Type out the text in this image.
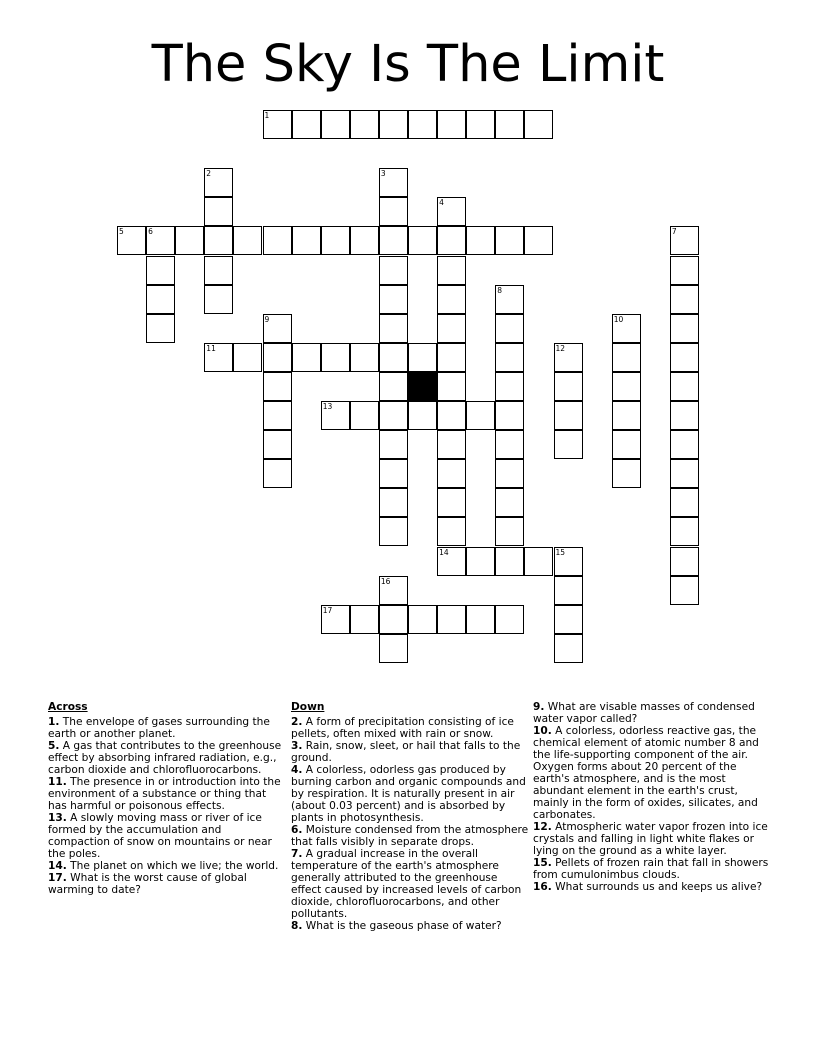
The Sky Is The Limit
1
2	3
4
5	6	7
8
9	10
11	12
13
14	15
16
17
Across
1. The envelope of gases surrounding the earth or another planet.
5. A gas that contributes to the greenhouse effect by absorbing infrared radiation, e.g., carbon dioxide and chlorofluorocarbons.
11. The presence in or introduction into the environment of a substance or thing that has harmful or poisonous effects.
13. A slowly moving mass or river of ice formed by the accumulation and compaction of snow on mountains or near the poles.
14. The planet on which we live; the world.
17. What is the worst cause of global warming to date?
Down
2. A form of precipitation consisting of ice pellets, often mixed with rain or snow.
3. Rain, snow, sleet, or hail that falls to the ground.
4. A colorless, odorless gas produced by burning carbon and organic compounds and by respiration. It is naturally present in air (about 0.03 percent) and is absorbed by plants in photosynthesis.
6. Moisture condensed from the atmosphere that falls visibly in separate drops.
7. A gradual increase in the overall temperature of the earth's atmosphere generally attributed to the greenhouse effect caused by increased levels of carbon dioxide, chlorofluorocarbons, and other pollutants.
8. What is the gaseous phase of water?
9. What are visable masses of condensed water vapor called?
10. A colorless, odorless reactive gas, the chemical element of atomic number 8 and the life-supporting component of the air. Oxygen forms about 20 percent of the earth's atmosphere, and is the most abundant element in the earth's crust, mainly in the form of oxides, silicates, and carbonates.
12. Atmospheric water vapor frozen into ice crystals and falling in light white flakes or lying on the ground as a white layer.
15. Pellets of frozen rain that fall in showers from cumulonimbus clouds.
16. What surrounds us and keeps us alive?
